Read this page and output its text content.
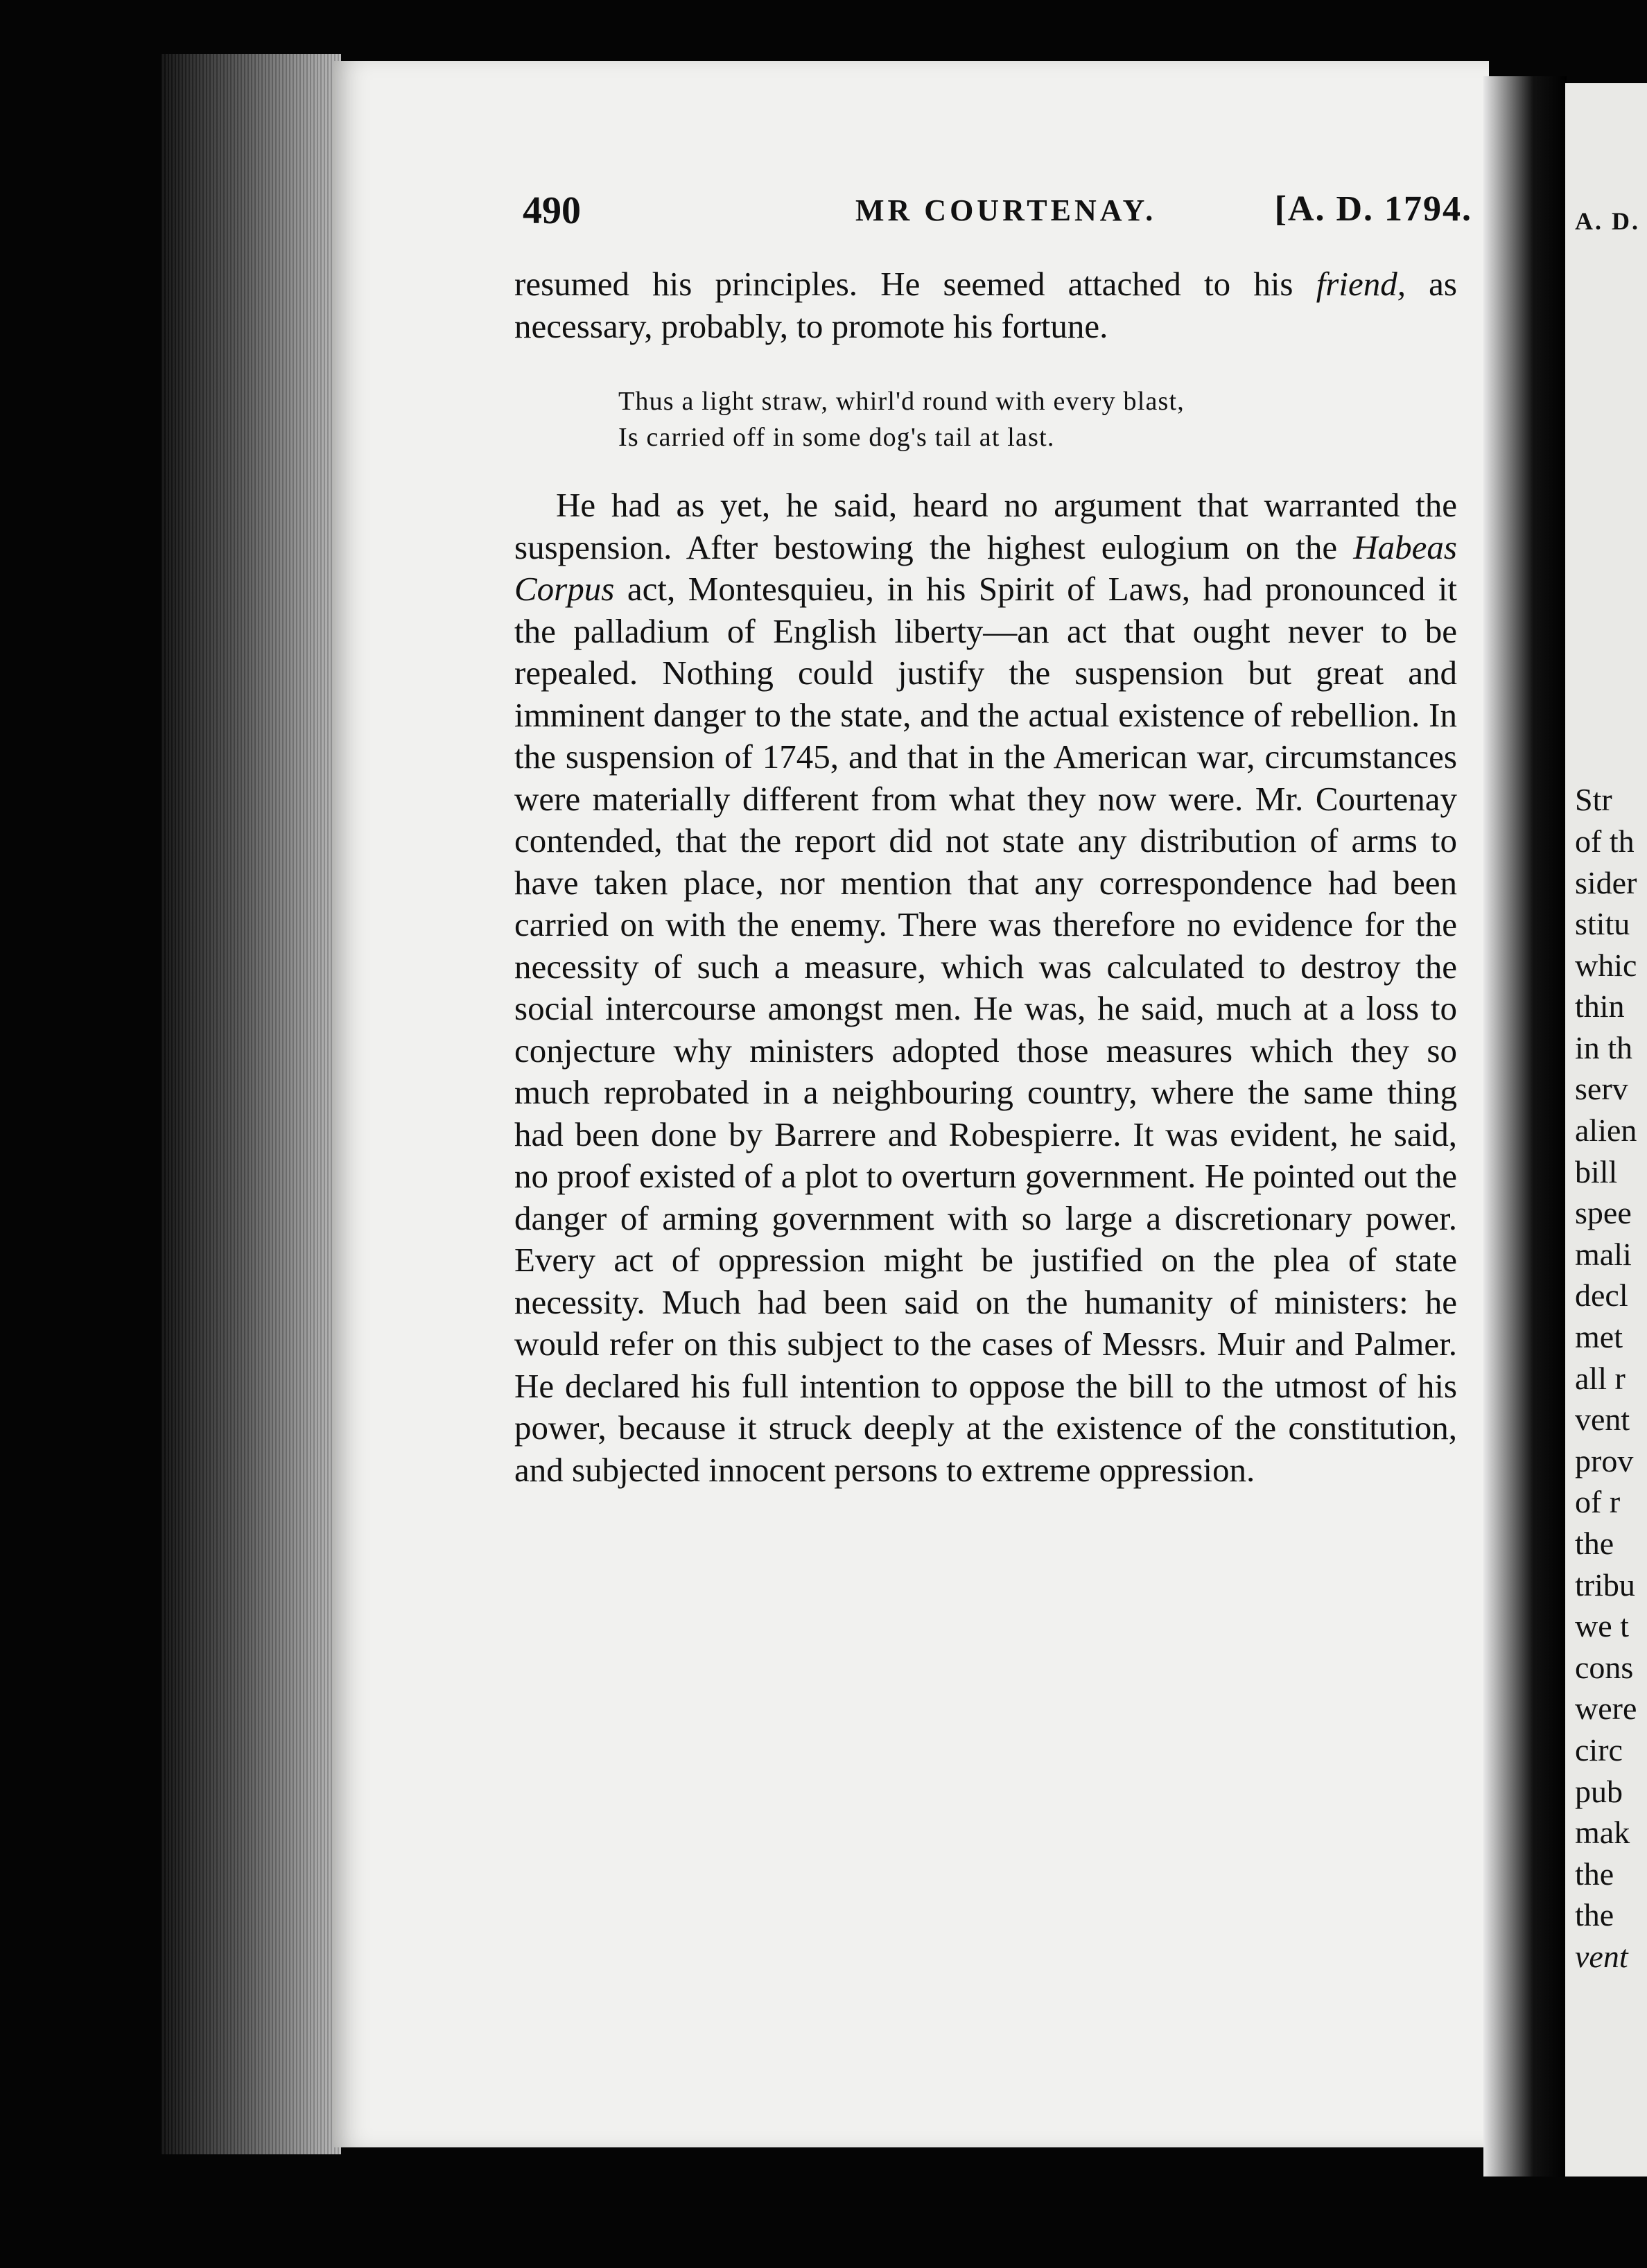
490	MR COURTENAY.	[A. D. 1794.

resumed his principles. He seemed attached to his friend, as necessary, probably, to promote his fortune.

Thus a light straw, whirl'd round with every blast,
Is carried off in some dog's tail at last.

He had as yet, he said, heard no argument that warranted the suspension. After bestowing the highest eulogium on the Habeas Corpus act, Montesquieu, in his Spirit of Laws, had pronounced it the palladium of English liberty—an act that ought never to be repealed. Nothing could justify the suspension but great and imminent danger to the state, and the actual existence of rebellion. In the suspension of 1745, and that in the American war, circumstances were materially different from what they now were. Mr. Courtenay contended, that the report did not state any distribution of arms to have taken place, nor mention that any correspondence had been carried on with the enemy. There was therefore no evidence for the necessity of such a measure, which was calculated to destroy the social intercourse amongst men. He was, he said, much at a loss to conjecture why ministers adopted those measures which they so much reprobated in a neighbouring country, where the same thing had been done by Barrere and Robespierre. It was evident, he said, no proof existed of a plot to overturn government. He pointed out the danger of arming government with so large a discretionary power. Every act of oppression might be justified on the plea of state necessity. Much had been said on the humanity of ministers: he would refer on this subject to the cases of Messrs. Muir and Palmer. He declared his full intention to oppose the bill to the utmost of his power, because it struck deeply at the existence of the constitution, and subjected innocent persons to extreme oppression.

A. D.

Str
of th
sider
stitu
whic
thin
in th
serv
alien
bill
spee
mali
decl
met
all r
vent
prov
of r
the
tribu
we t
cons
were
circ
pub
mak
the
the
vent
